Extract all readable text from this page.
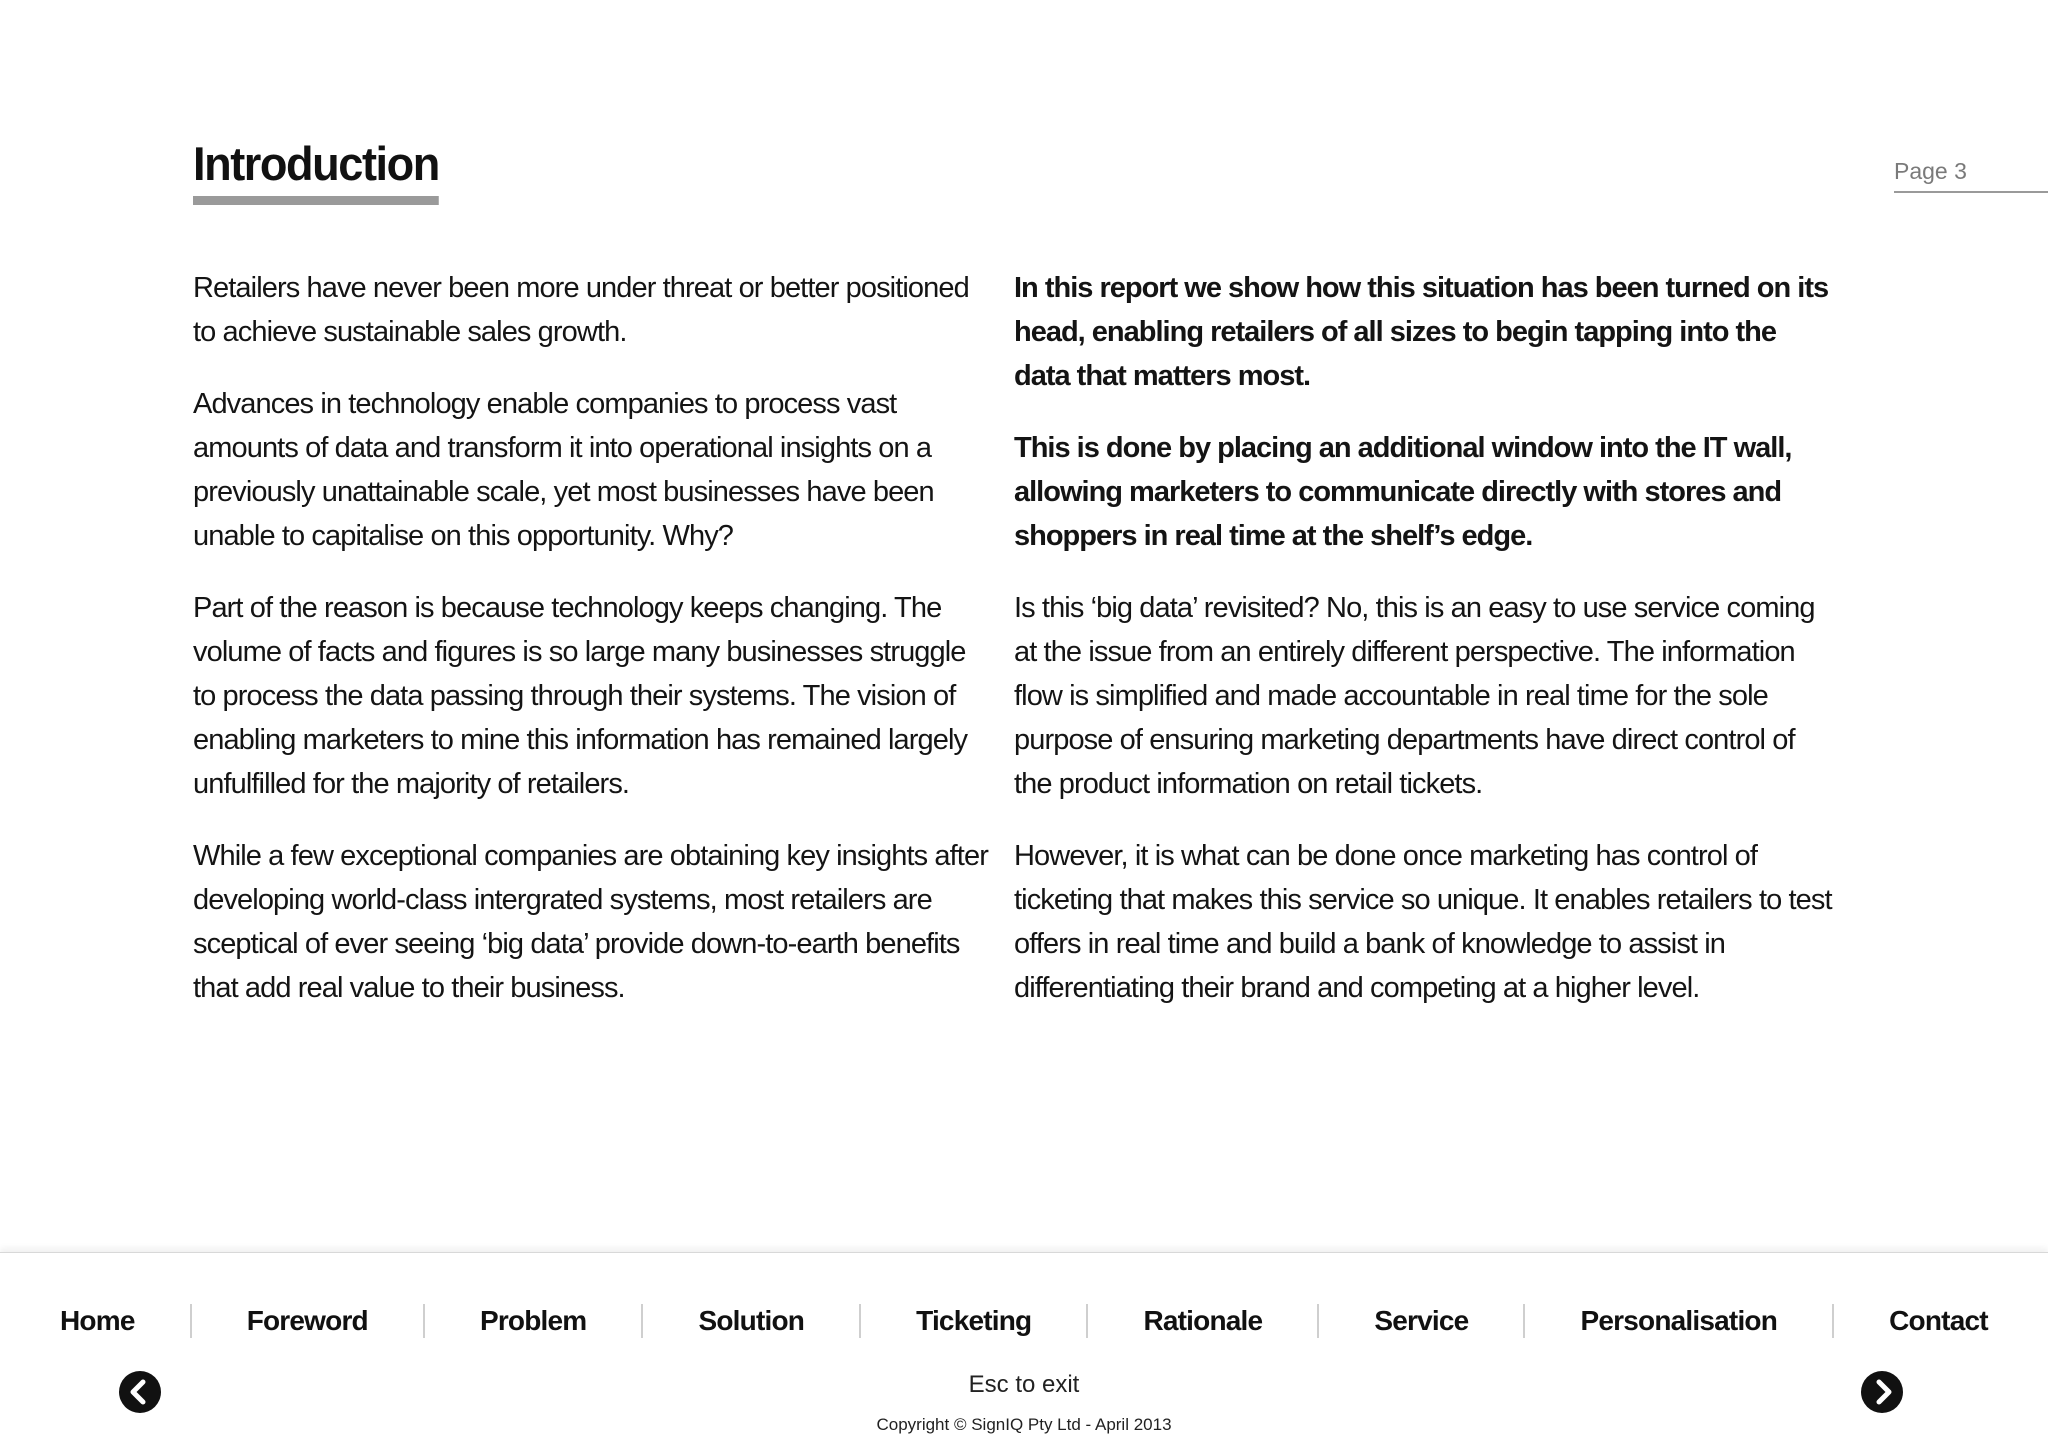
Introduction	Page 3

Retailers have never been more under threat or better positioned to achieve sustainable sales growth.

Advances in technology enable companies to process vast amounts of data and transform it into operational insights on a previously unattainable scale, yet most businesses have been unable to capitalise on this opportunity. Why?

Part of the reason is because technology keeps changing. The volume of facts and figures is so large many businesses struggle to process the data passing through their systems. The vision of enabling marketers to mine this information has remained largely unfulfilled for the majority of retailers.

While a few exceptional companies are obtaining key insights after developing world-class intergrated systems, most retailers are sceptical of ever seeing ‘big data’ provide down-to-earth benefits that add real value to their business.

In this report we show how this situation has been turned on its head, enabling retailers of all sizes to begin tapping into the data that matters most.

This is done by placing an additional window into the IT wall, allowing marketers to communicate directly with stores and shoppers in real time at the shelf’s edge.

Is this ‘big data’ revisited? No, this is an easy to use service coming at the issue from an entirely different perspective. The information flow is simplified and made accountable in real time for the sole purpose of ensuring marketing departments have direct control of the product information on retail tickets.

However, it is what can be done once marketing has control of ticketing that makes this service so unique. It enables retailers to test offers in real time and build a bank of knowledge to assist in differentiating their brand and competing at a higher level.

Home	Foreword	Problem	Solution	Ticketing	Rationale	Service	Personalisation	Contact
Esc to exit
Copyright © SignIQ Pty Ltd - April 2013
